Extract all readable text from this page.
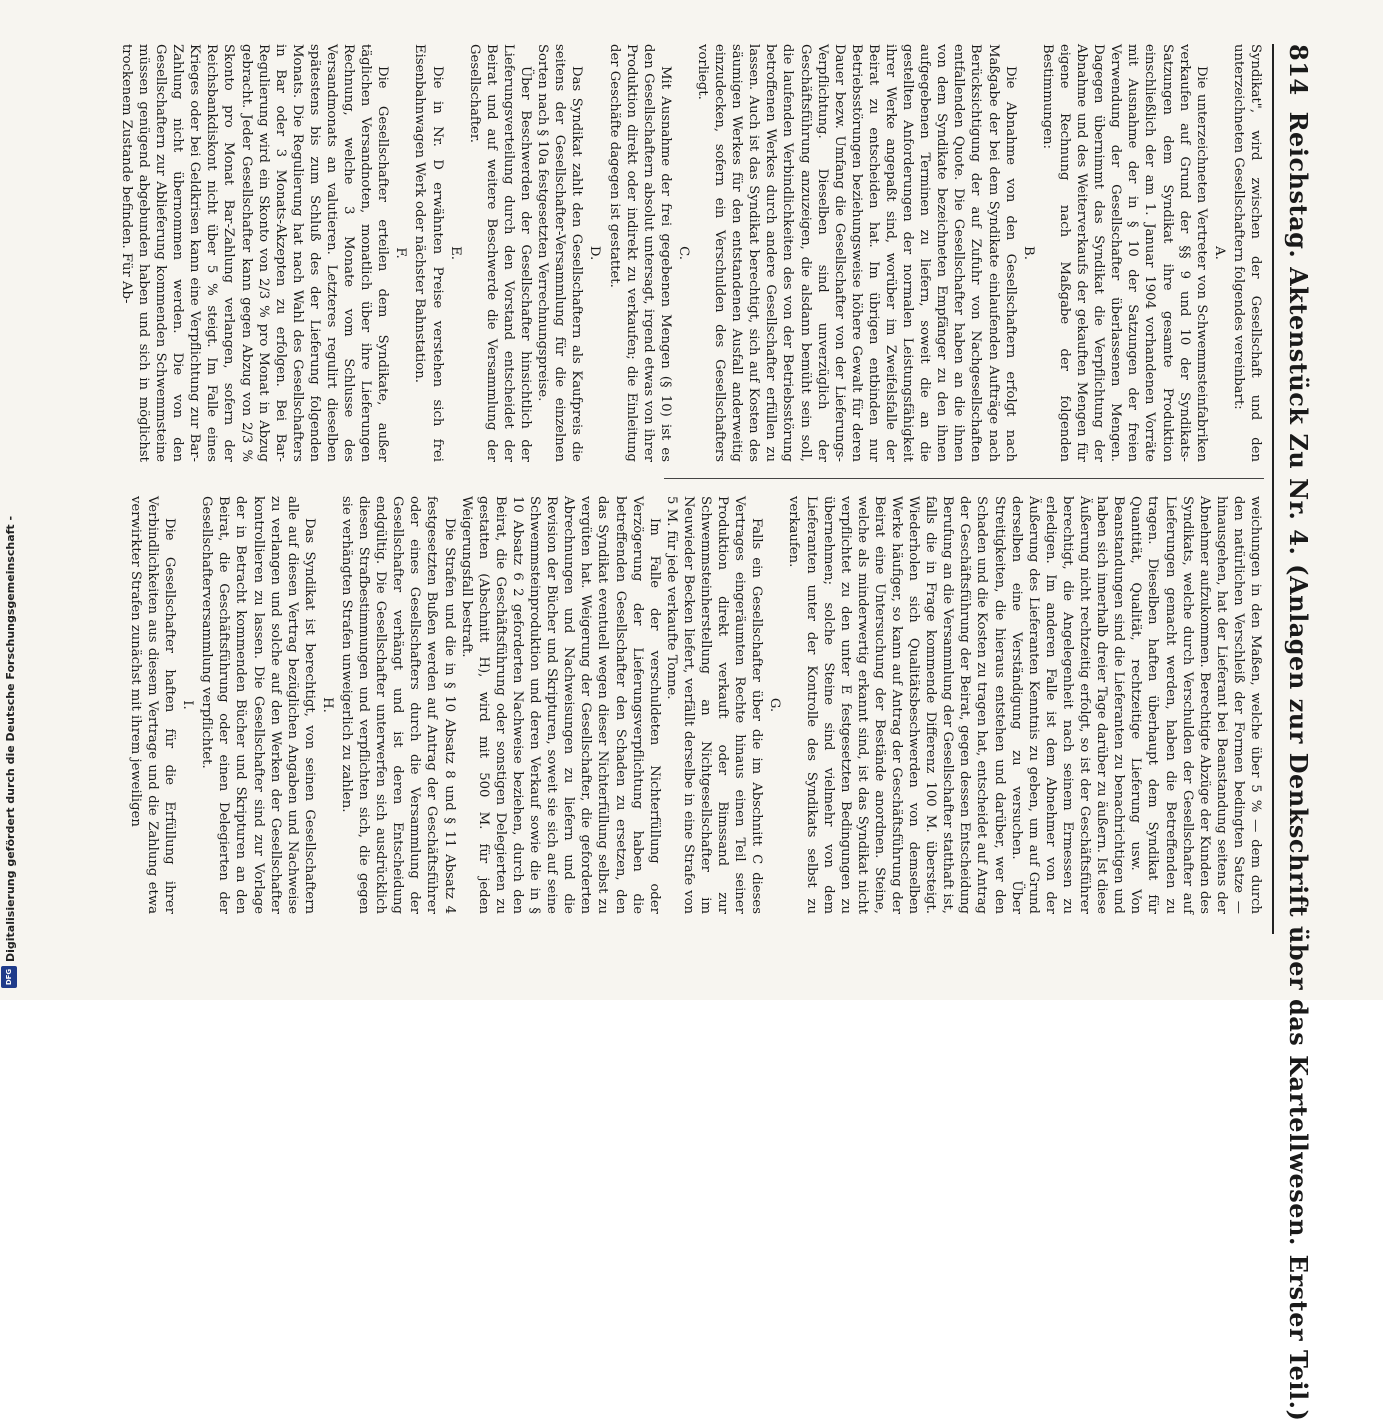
814Reichstag. Aktenstück Zu Nr. 4. (Anlagen zur Denkschrift über das Kartellwesen. Erster Teil.)

Syndikat", wird zwischen der Gesellschaft und den unterzeichneten Gesellschaftern folgendes vereinbart:

A.

Die unterzeichneten Vertreter von Schwemmsteinfabriken verkaufen auf Grund der §§ 9 und 10 der Syndikats-Satzungen dem Syndikat ihre gesamte Produktion einschließlich der am 1. Januar 1904 vorhandenen Vorräte mit Ausnahme der in § 10 der Satzungen der freien Verwendung der Gesellschafter überlassenen Mengen. Dagegen übernimmt das Syndikat die Verpflichtung der Abnahme und des Weiterverkaufs der gekauften Mengen für eigene Rechnung nach Maßgabe der folgenden Bestimmungen:

B.

Die Abnahme von den Gesellschaftern erfolgt nach Maßgabe der bei dem Syndikate einlaufenden Aufträge nach Berücksichtigung der auf Zufuhr von Nachgesellschaften entfallenden Quote. Die Gesellschafter haben an die ihnen von dem Syndikate bezeichneten Empfänger zu den ihnen aufgegebenen Terminen zu liefern, soweit die an die gestellten Anforderungen der normalen Leistungsfähigkeit ihrer Werke angepaßt sind, worüber im Zweifelsfalle der Beirat zu entscheiden hat. Im übrigen entbinden nur Betriebsstörungen beziehungsweise höhere Gewalt für deren Dauer bezw. Umfang die Gesellschafter von der Lieferungs-Verpflichtung. Dieselben sind unverzüglich der Geschäftsführung anzuzeigen, die alsdann bemüht sein soll, die laufenden Verbindlichkeiten des von der Betriebsstörung betroffenen Werkes durch andere Gesellschafter erfüllen zu lassen. Auch ist das Syndikat berechtigt, sich auf Kosten des säumigen Werkes für den entstandenen Ausfall anderweitig einzudecken, sofern ein Verschulden des Gesellschafters vorliegt.

C.

Mit Ausnahme der frei gegebenen Mengen (§ 10) ist es den Gesellschaftern absolut untersagt, irgend etwas von ihrer Produktion direkt oder indirekt zu verkaufen; die Einleitung der Geschäfte dagegen ist gestattet.

D.

Das Syndikat zahlt den Gesellschaftern als Kaufpreis die seitens der Gesellschafter-Versammlung für die einzelnen Sorten nach § 10a festgesetzten Verrechnungspreise.

Über Beschwerden der Gesellschafter hinsichtlich der Lieferungsverteilung durch den Vorstand entscheidet der Beirat und auf weitere Beschwerde die Versammlung der Gesellschafter.

E.

Die in Nr. D erwähnten Preise verstehen sich frei Eisenbahnwagen Werk oder nächster Bahnstation.

F.

Die Gesellschafter erteilen dem Syndikate, außer täglichen Versandnoten, monatlich über ihre Lieferungen Rechnung, welche 3 Monate vom Schlusse des Versandmonats an valutieren. Letzteres regulirt dieselben spätestens bis zum Schluß des der Lieferung folgenden Monats. Die Regulierung hat nach Wahl des Gesellschafters in Bar oder 3 Monats-Akzepten zu erfolgen. Bei Bar-Regulierung wird ein Skonto von 2/3 % pro Monat in Abzug gebracht. Jeder Gesellschafter kann gegen Abzug von 2/3 % Skonto pro Monat Bar-Zahlung verlangen, sofern der Reichsbankdiskont nicht über 5 % steigt. Im Falle eines Krieges oder bei Geldkrisen kann eine Verpflichtung zur Bar-Zahlung nicht übernommen werden. Die von den Gesellschaftern zur Ablieferung kommenden Schwemmsteine müssen genügend abgebunden haben und sich in möglichst trockenem Zustande befinden. Für Ab-

weichungen in den Maßen, welche über 5 % — dem durch den natürlichen Verschleiß der Formen bedingten Satze — hinausgehen, hat der Lieferant bei Beanstandung seitens der Abnehmer aufzukommen. Berechtigte Abzüge der Kunden des Syndikats, welche durch Verschulden der Gesellschafter auf Lieferungen gemacht werden, haben die Betreffenden zu tragen. Dieselben haften überhaupt dem Syndikat für Quantität, Qualität, rechtzeitige Lieferung usw. Von Beanstandungen sind die Lieferanten zu benachrichtigen und haben sich innerhalb dreier Tage darüber zu äußern. Ist diese Äußerung nicht rechtzeitig erfolgt, so ist der Geschäftsführer berechtigt, die Angelegenheit nach seinem Ermessen zu erledigen. Im anderen Falle ist dem Abnehmer von der Äußerung des Lieferanten Kenntnis zu geben, um auf Grund derselben eine Verständigung zu versuchen. Über Streitigkeiten, die hieraus entstehen und darüber, wer den Schaden und die Kosten zu tragen hat, entscheidet auf Antrag der Geschäftsführung der Beirat, gegen dessen Entscheidung Berufung an die Versammlung der Gesellschafter statthaft ist, falls die in Frage kommende Differenz 100 M. übersteigt. Wiederholen sich Qualitätsbeschwerden von demselben Werke häufiger, so kann auf Antrag der Geschäftsführung der Beirat eine Untersuchung der Bestände anordnen. Steine, welche als minderwertig erkannt sind, ist das Syndikat nicht verpflichtet zu den unter E festgesetzten Bedingungen zu übernehmen; solche Steine sind vielmehr von dem Lieferanten unter der Kontrolle des Syndikats selbst zu verkaufen.

G.

Falls ein Gesellschafter über die im Abschnitt C dieses Vertrages eingeräumten Rechte hinaus einen Teil seiner Produktion direkt verkauft oder Bimssand zur Schwemmsteinherstellung an Nichtgesellschafter im Neuwieder Becken liefert, verfällt derselbe in eine Strafe von 5 M. für jede verkaufte Tonne.

Im Falle der verschuldeten Nichterfüllung oder Verzögerung der Lieferungsverpflichtung haben die betreffenden Gesellschafter den Schaden zu ersetzen, den das Syndikat eventuell wegen dieser Nichterfüllung selbst zu vergüten hat. Weigerung der Gesellschafter, die geforderten Abrechnungen und Nachweisungen zu liefern und die Revision der Bücher und Skripturen, soweit sie sich auf seine Schwemmsteinproduktion und deren Verkauf sowie die in § 10 Absatz 6 2 geforderten Nachweise beziehen, durch den Beirat, die Geschäftsführung oder sonstigen Delegierten zu gestatten (Abschnitt H), wird mit 500 M. für jeden Weigerungsfall bestraft.

Die Strafen und die in § 10 Absatz 8 und § 11 Absatz 4 festgesetzten Bußen werden auf Antrag der Geschäftsführer oder eines Gesellschafters durch die Versammlung der Gesellschafter verhängt und ist deren Entscheidung endgültig. Die Gesellschafter unterwerfen sich ausdrücklich diesen Strafbestimmungen und verpflichten sich, die gegen sie verhängten Strafen unweigerlich zu zahlen.

H.

Das Syndikat ist berechtigt, von seinen Gesellschaftern alle auf diesen Vertrag bezüglichen Angaben und Nachweise zu verlangen und solche auf den Werken der Gesellschafter kontrollieren zu lassen. Die Gesellschafter sind zur Vorlage der in Betracht kommenden Bücher und Skripturen an den Beirat, die Geschäftsführung oder einen Delegierten der Gesellschafterversammlung verpflichtet.

I.

Die Gesellschafter haften für die Erfüllung ihrer Verbindlichkeiten aus diesem Vertrage und die Zahlung etwa verwirkter Strafen zunächst mit ihrem jeweiligen

Digitalisierung gefördert durch die Deutsche Forschungsgemeinschaft -
DFG
